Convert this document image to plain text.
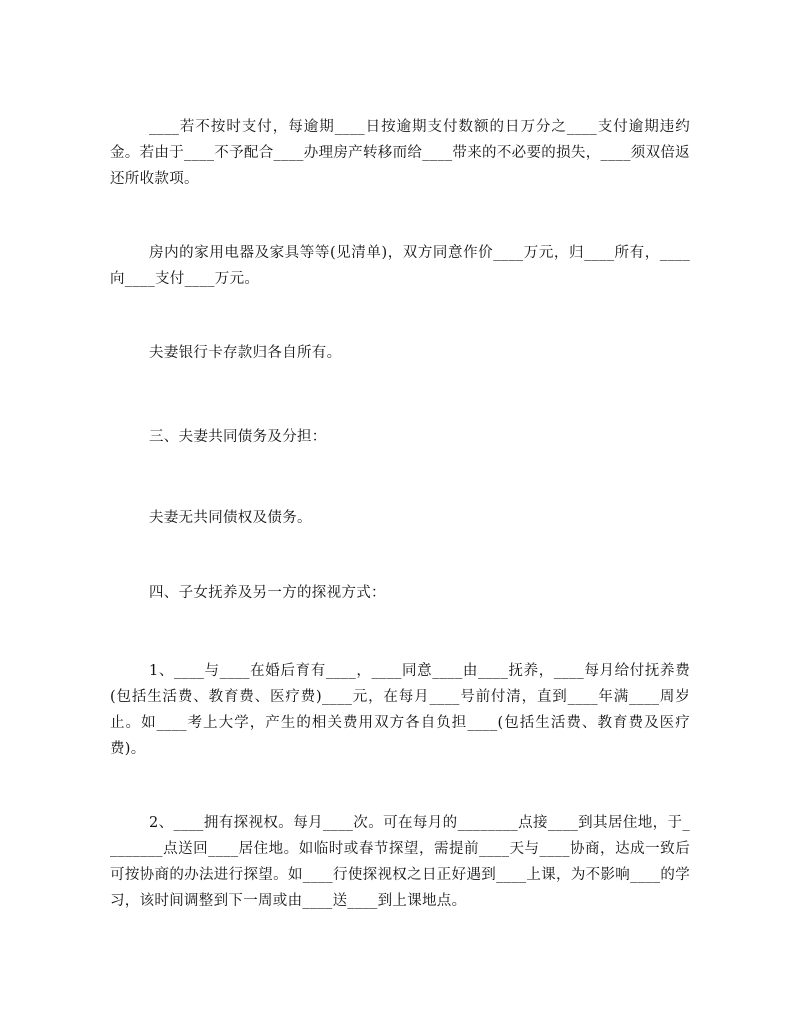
____若不按时支付，每逾期____日按逾期支付数额的日万分之____支付逾期违约金。若由于____不予配合____办理房产转移而给____带来的不必要的损失，____须双倍返还所收款项。

房内的家用电器及家具等等(见清单)，双方同意作价____万元，归____所有，____向____支付____万元。

夫妻银行卡存款归各自所有。

三、夫妻共同债务及分担：

夫妻无共同债权及债务。

四、子女抚养及另一方的探视方式：

1、____与____在婚后育有____，____同意____由____抚养，____每月给付抚养费(包括生活费、教育费、医疗费)____元，在每月____号前付清，直到____年满____周岁止。如____考上大学，产生的相关费用双方各自负担____(包括生活费、教育费及医疗费)。

2、____拥有探视权。每月____次。可在每月的________点接____到其居住地，于________点送回____居住地。如临时或春节探望，需提前____天与____协商，达成一致后可按协商的办法进行探望。如____行使探视权之日正好遇到____上课，为不影响____的学习，该时间调整到下一周或由____送____到上课地点。
